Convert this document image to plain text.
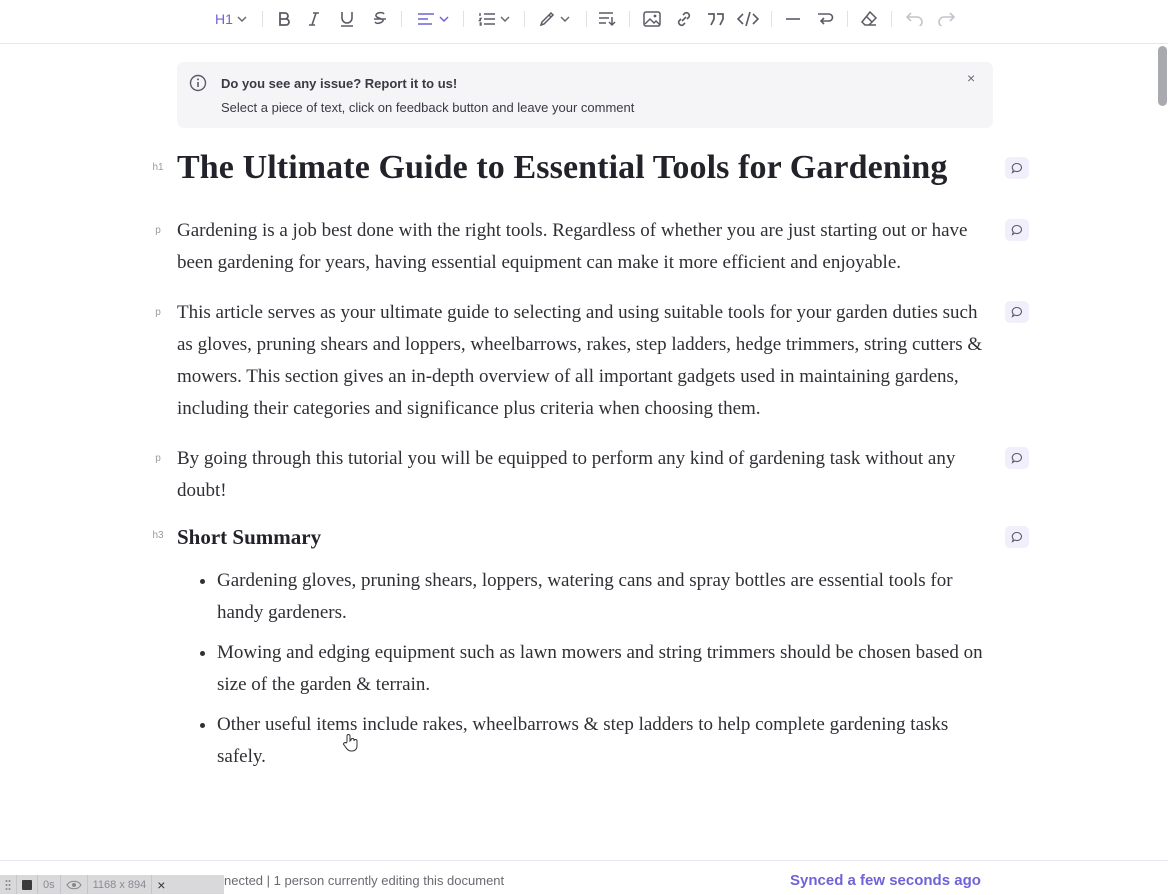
H1
Do you see any issue? Report it to us!
Select a piece of text, click on feedback button and leave your comment
×
h1 The Ultimate Guide to Essential Tools for Gardening
p Gardening is a job best done with the right tools. Regardless of whether you are just starting out or have been gardening for years, having essential equipment can make it more efficient and enjoyable.

p This article serves as your ultimate guide to selecting and using suitable tools for your garden duties such as gloves, pruning shears and loppers, wheelbarrows, rakes, step ladders, hedge trimmers, string cutters & mowers. This section gives an in-depth overview of all important gadgets used in maintaining gardens, including their categories and significance plus criteria when choosing them.

p By going through this tutorial you will be equipped to perform any kind of gardening task without any doubt!

h3 Short Summary
• Gardening gloves, pruning shears, loppers, watering cans and spray bottles are essential tools for handy gardeners.
• Mowing and edging equipment such as lawn mowers and string trimmers should be chosen based on size of the garden & terrain.
• Other useful items include rakes, wheelbarrows & step ladders to help complete gardening tasks safely.
nected | 1 person currently editing this document	Synced a few seconds ago
0s	1168 x 894 ×
